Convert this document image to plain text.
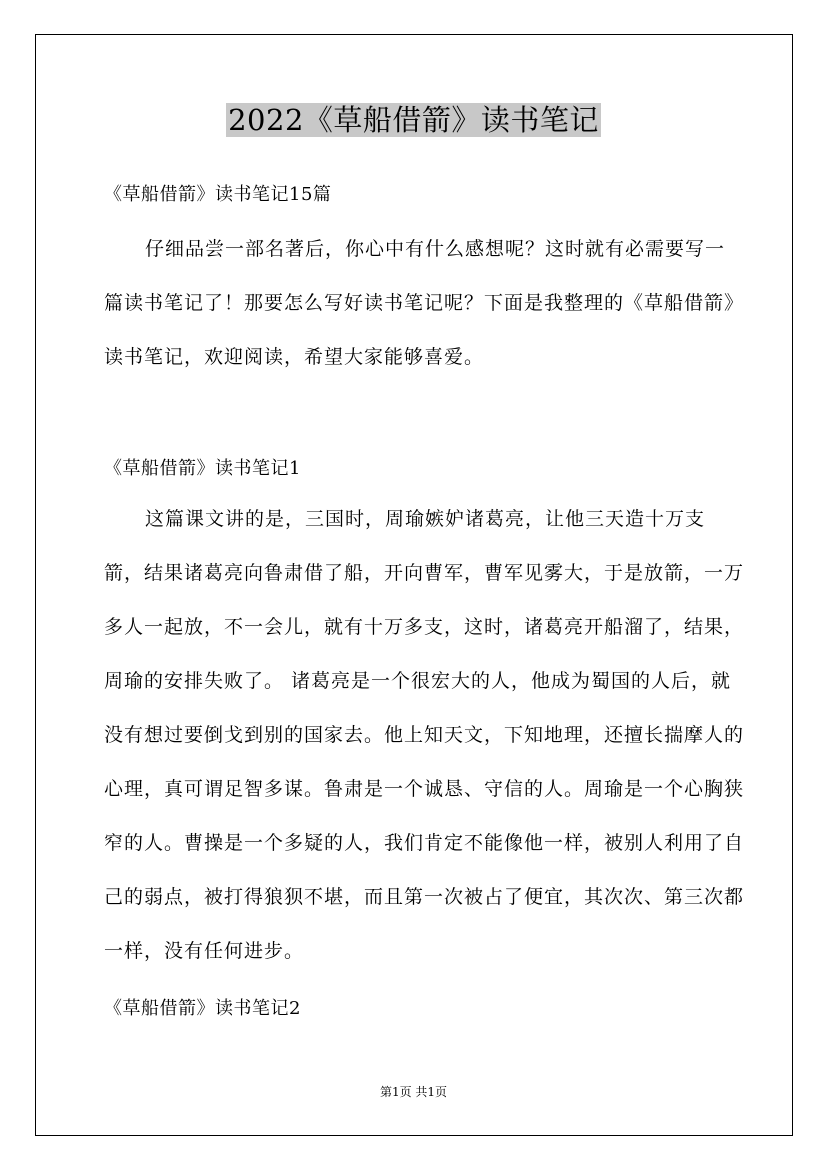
2022《草船借箭》读书笔记
《草船借箭》读书笔记15篇

仔细品尝一部名著后，你心中有什么感想呢？这时就有必需要写一篇读书笔记了！那要怎么写好读书笔记呢？下面是我整理的《草船借箭》读书笔记，欢迎阅读，希望大家能够喜爱。

《草船借箭》读书笔记1

这篇课文讲的是，三国时，周瑜嫉妒诸葛亮，让他三天造十万支箭，结果诸葛亮向鲁肃借了船，开向曹军，曹军见雾大，于是放箭，一万多人一起放，不一会儿，就有十万多支，这时，诸葛亮开船溜了，结果，周瑜的安排失败了。 诸葛亮是一个很宏大的人，他成为蜀国的人后，就没有想过要倒戈到别的国家去。他上知天文，下知地理，还擅长揣摩人的心理，真可谓足智多谋。鲁肃是一个诚恳、守信的人。周瑜是一个心胸狭窄的人。曹操是一个多疑的人，我们肯定不能像他一样，被别人利用了自己的弱点，被打得狼狈不堪，而且第一次被占了便宜，其次次、第三次都一样，没有任何进步。

《草船借箭》读书笔记2
第1页 共1页
